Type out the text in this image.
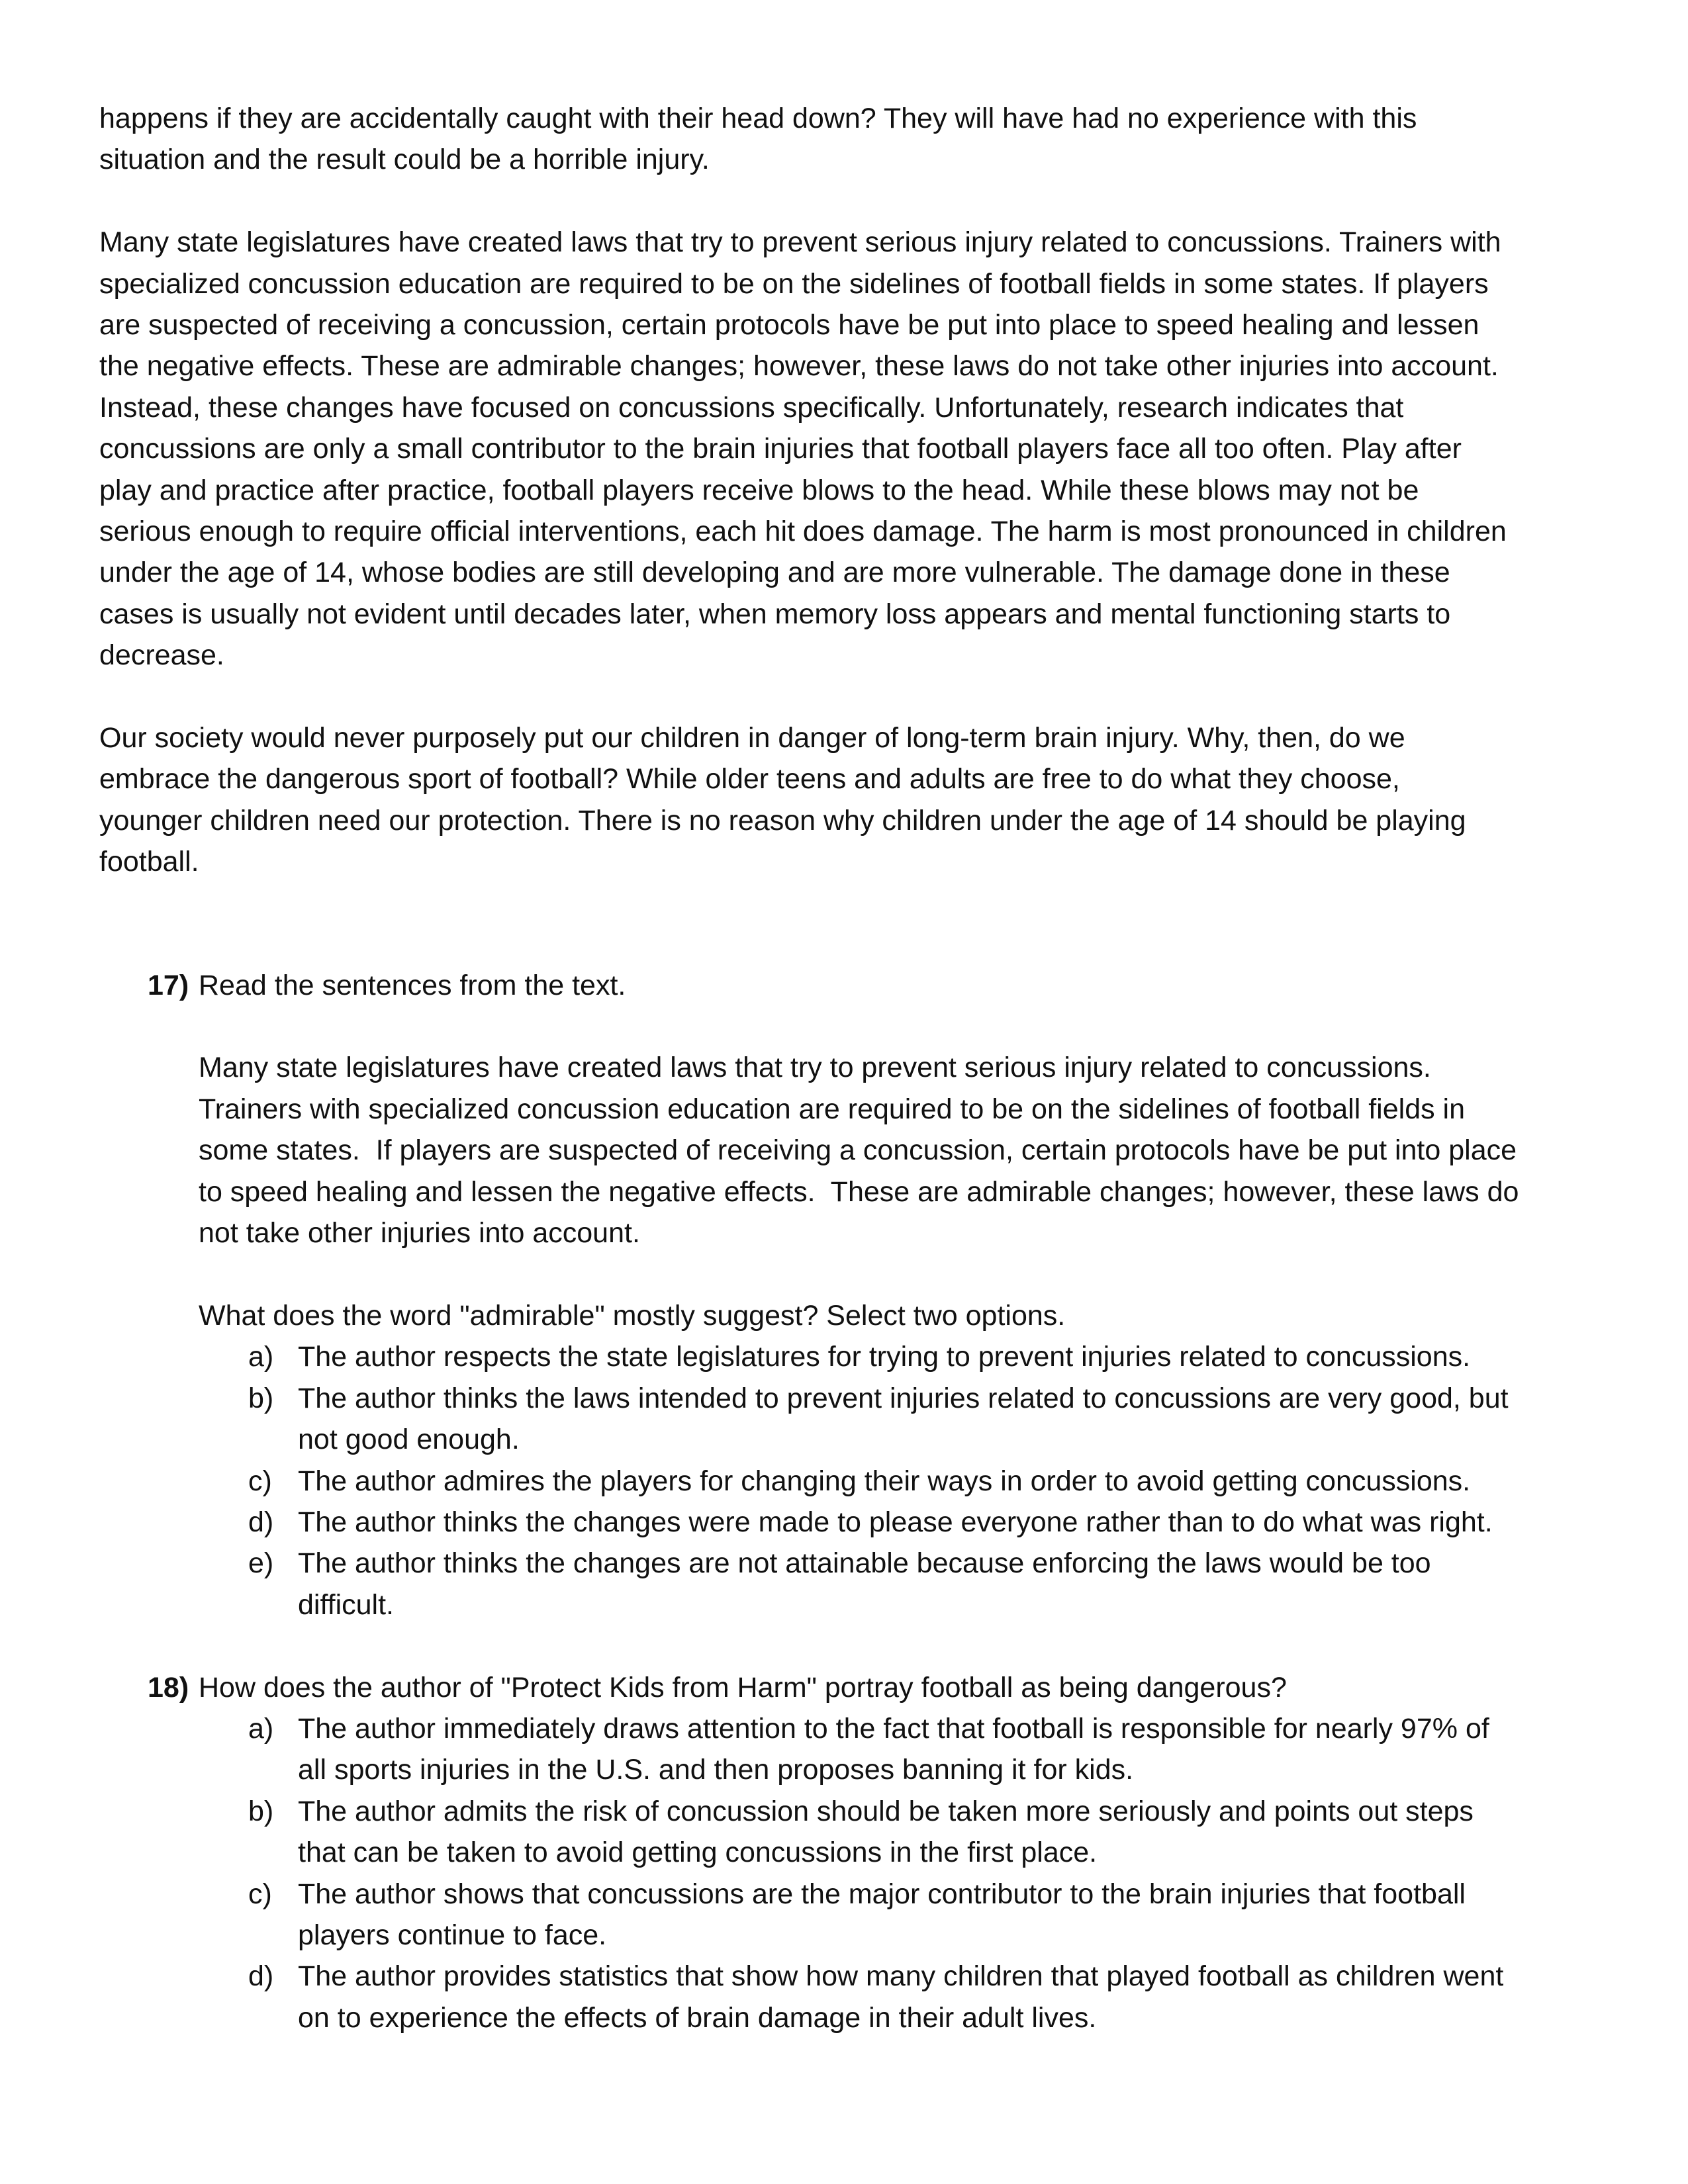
happens if they are accidentally caught with their head down? They will have had no experience with this
situation and the result could be a horrible injury.

Many state legislatures have created laws that try to prevent serious injury related to concussions. Trainers with
specialized concussion education are required to be on the sidelines of football fields in some states. If players
are suspected of receiving a concussion, certain protocols have be put into place to speed healing and lessen
the negative effects. These are admirable changes; however, these laws do not take other injuries into account.
Instead, these changes have focused on concussions specifically. Unfortunately, research indicates that
concussions are only a small contributor to the brain injuries that football players face all too often. Play after
play and practice after practice, football players receive blows to the head. While these blows may not be
serious enough to require official interventions, each hit does damage. The harm is most pronounced in children
under the age of 14, whose bodies are still developing and are more vulnerable. The damage done in these
cases is usually not evident until decades later, when memory loss appears and mental functioning starts to
decrease.

Our society would never purposely put our children in danger of long-term brain injury. Why, then, do we
embrace the dangerous sport of football? While older teens and adults are free to do what they choose,
younger children need our protection. There is no reason why children under the age of 14 should be playing
football.

17) Read the sentences from the text.

Many state legislatures have created laws that try to prevent serious injury related to concussions.
Trainers with specialized concussion education are required to be on the sidelines of football fields in
some states.  If players are suspected of receiving a concussion, certain protocols have be put into place
to speed healing and lessen the negative effects.  These are admirable changes; however, these laws do
not take other injuries into account.

What does the word "admirable" mostly suggest? Select two options.

a) The author respects the state legislatures for trying to prevent injuries related to concussions.
b) The author thinks the laws intended to prevent injuries related to concussions are very good, but
not good enough.
c) The author admires the players for changing their ways in order to avoid getting concussions.
d) The author thinks the changes were made to please everyone rather than to do what was right.
e) The author thinks the changes are not attainable because enforcing the laws would be too
difficult.
18) How does the author of "Protect Kids from Harm" portray football as being dangerous?

a) The author immediately draws attention to the fact that football is responsible for nearly 97% of
all sports injuries in the U.S. and then proposes banning it for kids.
b) The author admits the risk of concussion should be taken more seriously and points out steps
that can be taken to avoid getting concussions in the first place.
c) The author shows that concussions are the major contributor to the brain injuries that football
players continue to face.
d) The author provides statistics that show how many children that played football as children went
on to experience the effects of brain damage in their adult lives.
